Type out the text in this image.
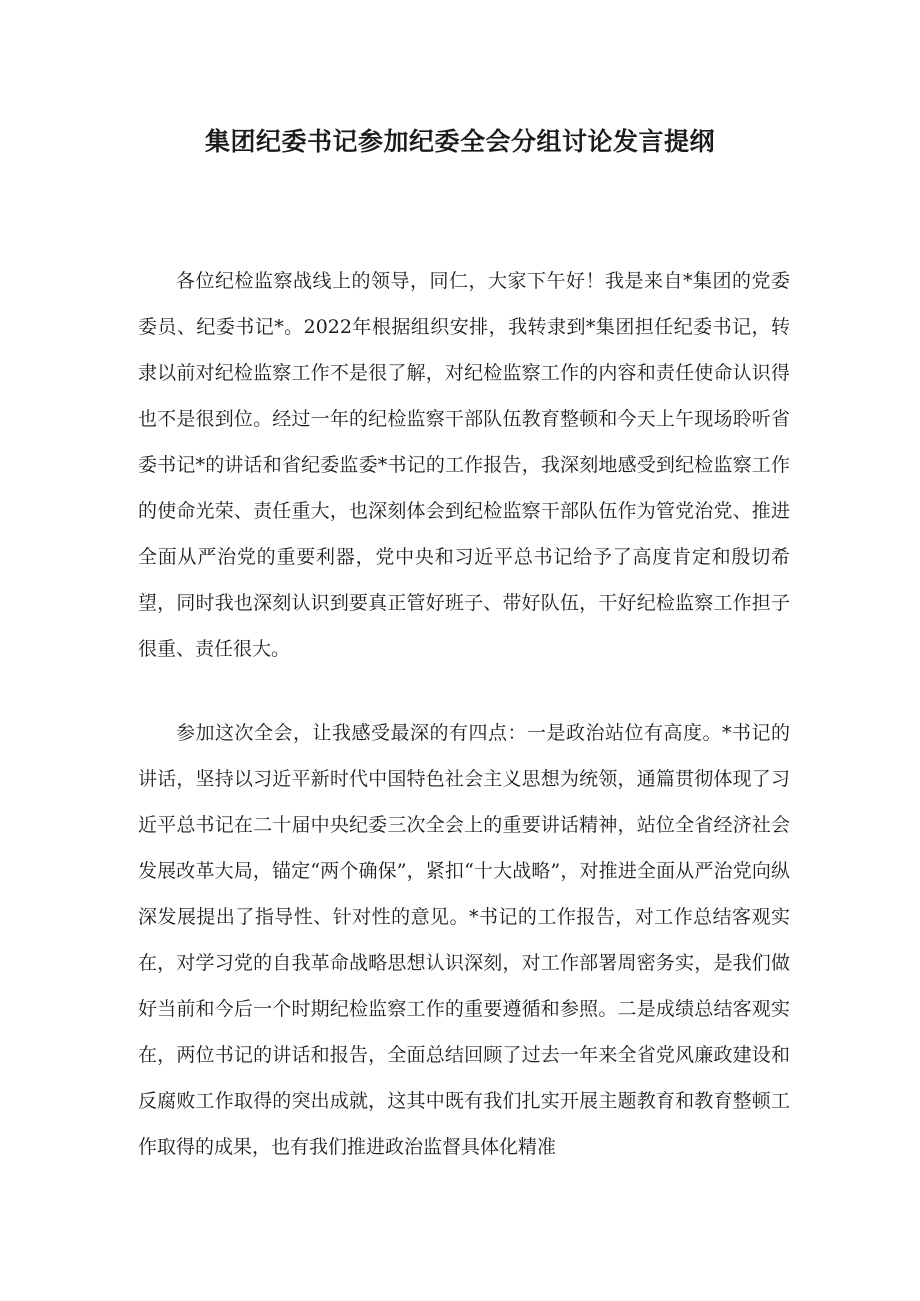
集团纪委书记参加纪委全会分组讨论发言提纲

各位纪检监察战线上的领导，同仁，大家下午好！我是来自*集团的党委委员、纪委书记*。2022年根据组织安排，我转隶到*集团担任纪委书记，转隶以前对纪检监察工作不是很了解，对纪检监察工作的内容和责任使命认识得也不是很到位。经过一年的纪检监察干部队伍教育整顿和今天上午现场聆听省委书记*的讲话和省纪委监委*书记的工作报告，我深刻地感受到纪检监察工作的使命光荣、责任重大，也深刻体会到纪检监察干部队伍作为管党治党、推进全面从严治党的重要利器，党中央和习近平总书记给予了高度肯定和殷切希望，同时我也深刻认识到要真正管好班子、带好队伍，干好纪检监察工作担子很重、责任很大。

参加这次全会，让我感受最深的有四点：一是政治站位有高度。*书记的讲话，坚持以习近平新时代中国特色社会主义思想为统领，通篇贯彻体现了习近平总书记在二十届中央纪委三次全会上的重要讲话精神，站位全省经济社会发展改革大局，锚定“两个确保”，紧扣“十大战略”，对推进全面从严治党向纵深发展提出了指导性、针对性的意见。*书记的工作报告，对工作总结客观实在，对学习党的自我革命战略思想认识深刻，对工作部署周密务实，是我们做好当前和今后一个时期纪检监察工作的重要遵循和参照。二是成绩总结客观实在，两位书记的讲话和报告，全面总结回顾了过去一年来全省党风廉政建设和反腐败工作取得的突出成就，这其中既有我们扎实开展主题教育和教育整顿工作取得的成果，也有我们推进政治监督具体化精准
